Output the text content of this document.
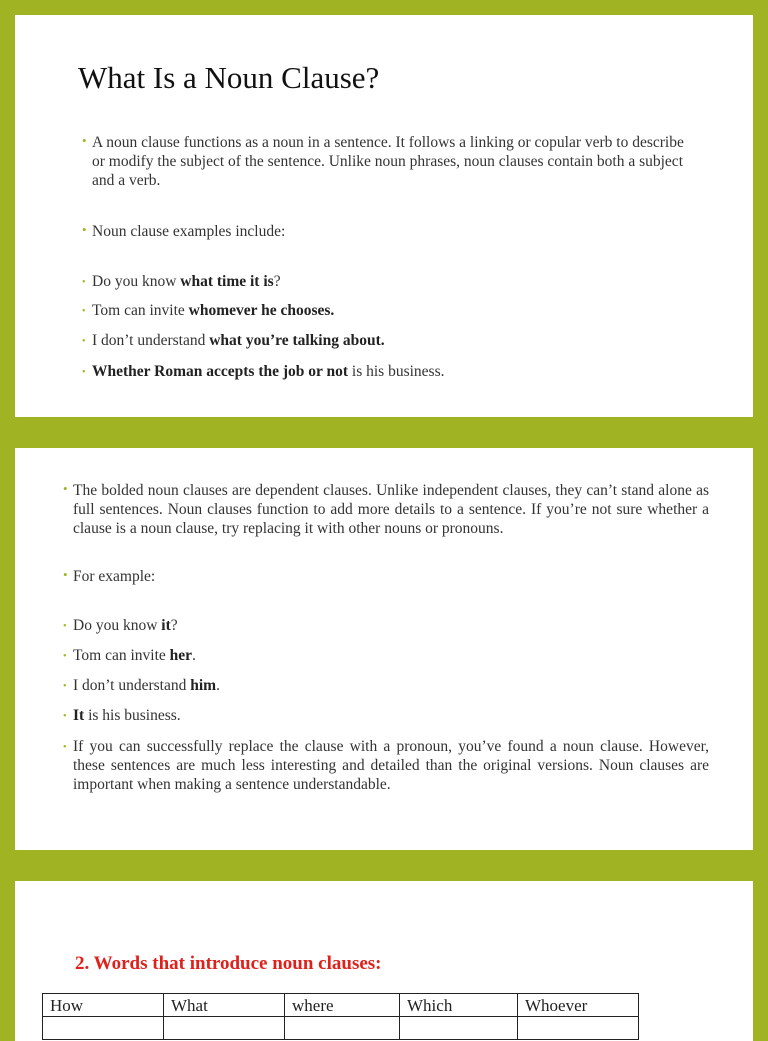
What Is a Noun Clause?
• A noun clause functions as a noun in a sentence. It follows a linking or copular verb to describe or modify the subject of the sentence. Unlike noun phrases, noun clauses contain both a subject and a verb.
• Noun clause examples include:
• Do you know what time it is?
• Tom can invite whomever he chooses.
• I don’t understand what you’re talking about.
• Whether Roman accepts the job or not is his business.
• The bolded noun clauses are dependent clauses. Unlike independent clauses, they can’t stand alone as full sentences. Noun clauses function to add more details to a sentence. If you’re not sure whether a clause is a noun clause, try replacing it with other nouns or pronouns.
• For example:
• Do you know it?
• Tom can invite her.
• I don’t understand him.
• It is his business.
• If you can successfully replace the clause with a pronoun, you’ve found a noun clause. However, these sentences are much less interesting and detailed than the original versions. Noun clauses are important when making a sentence understandable.
2. Words that introduce noun clauses:
How	What	where	Which	Whoever
